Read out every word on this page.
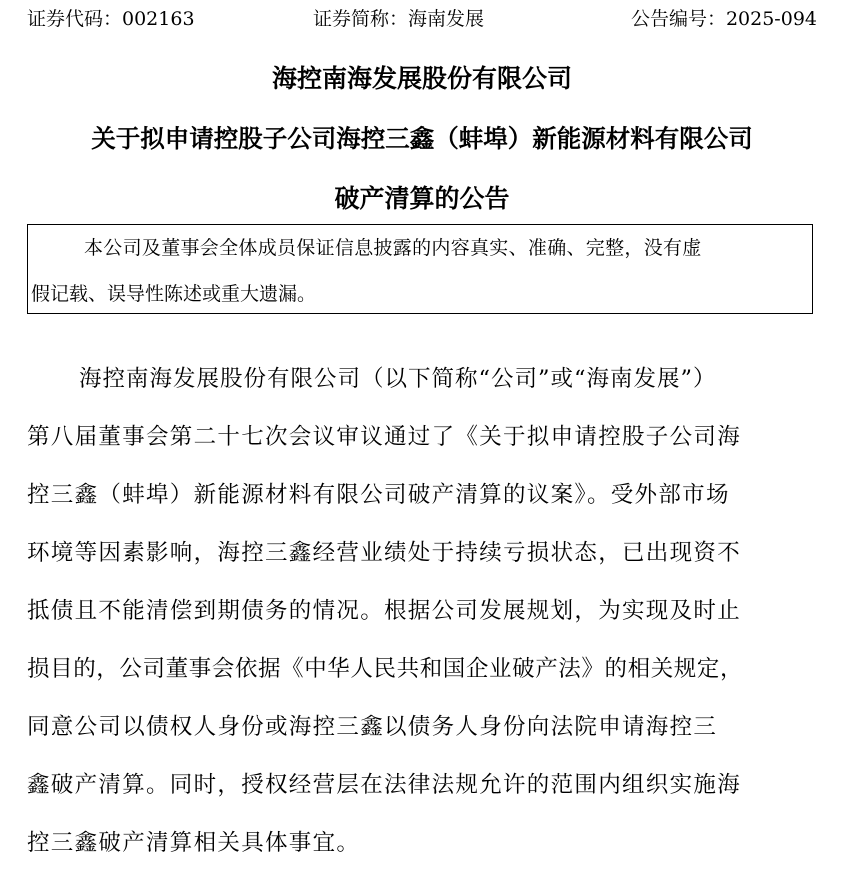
证券代码：002163	证券简称：海南发展	公告编号：2025-094
海控南海发展股份有限公司
关于拟申请控股子公司海控三鑫（蚌埠）新能源材料有限公司
破产清算的公告

本公司及董事会全体成员保证信息披露的内容真实、准确、完整，没有虚

假记载、误导性陈述或重大遗漏。

海控南海发展股份有限公司（以下简称“公司”或“海南发展”）

第八届董事会第二十七次会议审议通过了《关于拟申请控股子公司海

控三鑫（蚌埠）新能源材料有限公司破产清算的议案》。受外部市场

环境等因素影响，海控三鑫经营业绩处于持续亏损状态，已出现资不

抵债且不能清偿到期债务的情况。根据公司发展规划，为实现及时止

损目的，公司董事会依据《中华人民共和国企业破产法》的相关规定，

同意公司以债权人身份或海控三鑫以债务人身份向法院申请海控三

鑫破产清算。同时，授权经营层在法律法规允许的范围内组织实施海

控三鑫破产清算相关具体事宜。
